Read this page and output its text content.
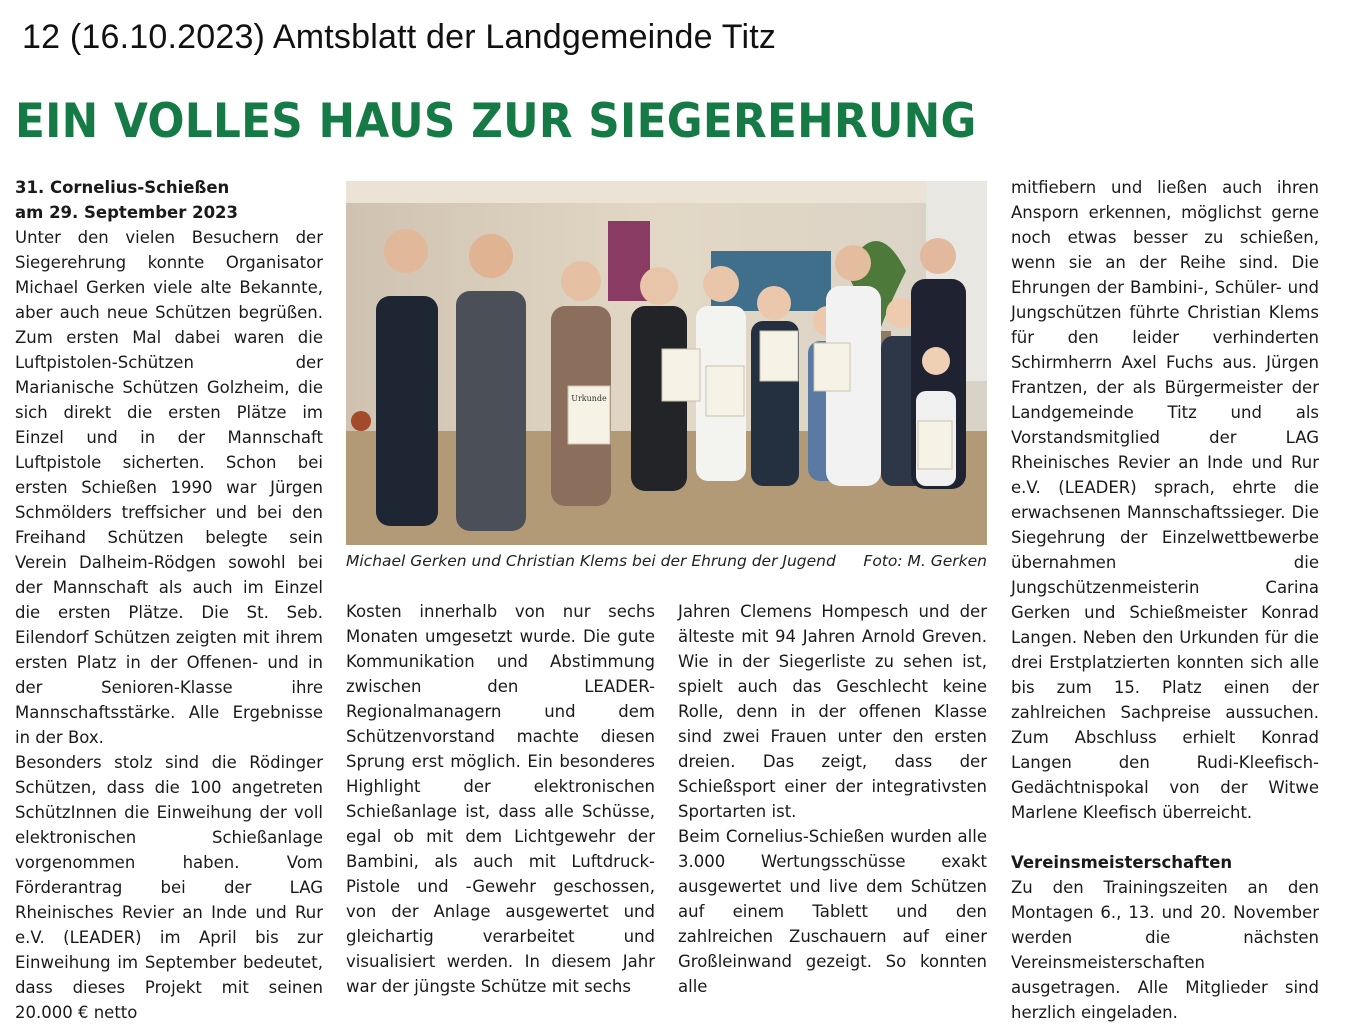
12 (16.10.2023) Amtsblatt der Landgemeinde Titz
EIN VOLLES HAUS ZUR SIEGEREHRUNG

31. Cornelius-Schießen

am 29. September 2023

Unter den vielen Besuchern der Siegerehrung konnte Organisator Michael Gerken viele alte Bekannte, aber auch neue Schützen begrüßen. Zum ersten Mal dabei waren die Luftpistolen-Schützen der Marianische Schützen Golzheim, die sich direkt die ersten Plätze im Einzel und in der Mannschaft Luftpistole sicherten. Schon bei ersten Schießen 1990 war Jürgen Schmölders treffsicher und bei den Freihand Schützen belegte sein Verein Dalheim-Rödgen sowohl bei der Mannschaft als auch im Einzel die ersten Plätze. Die St. Seb. Eilendorf Schützen zeigten mit ihrem ersten Platz in der Offenen- und in der Senioren-Klasse ihre Mannschaftsstärke. Alle Ergebnisse in der Box.

Besonders stolz sind die Rödinger Schützen, dass die 100 angetreten SchützInnen die Einweihung der voll elektronischen Schießanlage vorgenommen haben. Vom Förderantrag bei der LAG Rheinisches Revier an Inde und Rur e.V. (LEADER) im April bis zur Einweihung im September bedeutet, dass dieses Projekt mit seinen 20.000 € netto

Urkunde
Michael Gerken und Christian Klems bei der Ehrung der Jugend Foto: M. Gerken

Kosten innerhalb von nur sechs Monaten umgesetzt wurde. Die gute Kommunikation und Abstimmung zwischen den LEADER-Regionalmanagern und dem Schützenvorstand machte diesen Sprung erst möglich. Ein besonderes Highlight der elektronischen Schießanlage ist, dass alle Schüsse, egal ob mit dem Lichtgewehr der Bambini, als auch mit Luftdruck-Pistole und -Gewehr geschossen, von der Anlage ausgewertet und gleichartig verarbeitet und visualisiert werden. In diesem Jahr war der jüngste Schütze mit sechs

Jahren Clemens Hompesch und der älteste mit 94 Jahren Arnold Greven. Wie in der Siegerliste zu sehen ist, spielt auch das Geschlecht keine Rolle, denn in der offenen Klasse sind zwei Frauen unter den ersten dreien. Das zeigt, dass der Schießsport einer der integrativsten Sportarten ist.

Beim Cornelius-Schießen wurden alle 3.000 Wertungsschüsse exakt ausgewertet und live dem Schützen auf einem Tablett und den zahlreichen Zuschauern auf einer Großleinwand gezeigt. So konnten alle

mitfiebern und ließen auch ihren Ansporn erkennen, möglichst gerne noch etwas besser zu schießen, wenn sie an der Reihe sind. Die Ehrungen der Bambini-, Schüler- und Jungschützen führte Christian Klems für den leider verhinderten Schirmherrn Axel Fuchs aus. Jürgen Frantzen, der als Bürgermeister der Landgemeinde Titz und als Vorstandsmitglied der LAG Rheinisches Revier an Inde und Rur e.V. (LEADER) sprach, ehrte die erwachsenen Mannschaftssieger. Die Siegehrung der Einzelwettbewerbe übernahmen die Jungschützenmeisterin Carina Gerken und Schießmeister Konrad Langen. Neben den Urkunden für die drei Erstplatzierten konnten sich alle bis zum 15. Platz einen der zahlreichen Sachpreise aussuchen. Zum Abschluss erhielt Konrad Langen den Rudi-Kleefisch-Gedächtnispokal von der Witwe Marlene Kleefisch überreicht.

Vereinsmeisterschaften

Zu den Trainingszeiten an den Montagen 6., 13. und 20. November werden die nächsten Vereinsmeisterschaften ausgetragen. Alle Mitglieder sind herzlich eingeladen.
